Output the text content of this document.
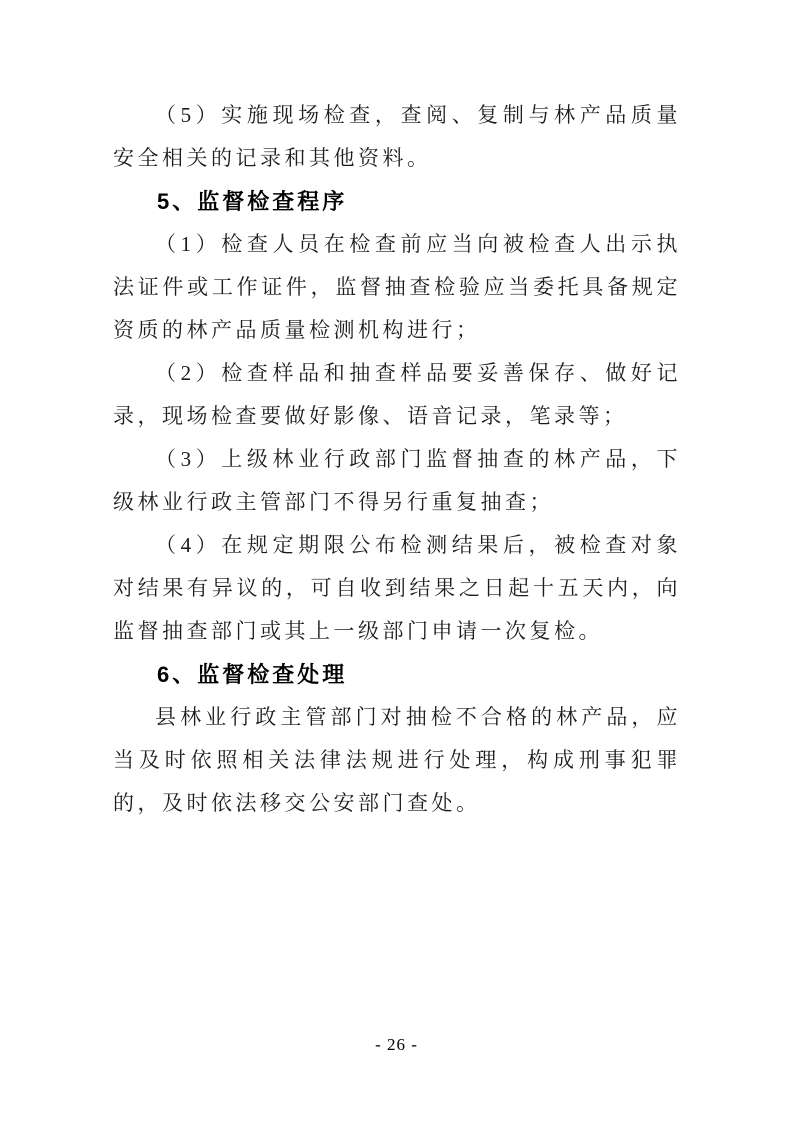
（5）实施现场检查，查阅、复制与林产品质量安全相关的记录和其他资料。

5、监督检查程序

（1）检查人员在检查前应当向被检查人出示执法证件或工作证件，监督抽查检验应当委托具备规定资质的林产品质量检测机构进行；

（2）检查样品和抽查样品要妥善保存、做好记录，现场检查要做好影像、语音记录，笔录等；

（3）上级林业行政部门监督抽查的林产品，下级林业行政主管部门不得另行重复抽查；

（4）在规定期限公布检测结果后，被检查对象对结果有异议的，可自收到结果之日起十五天内，向监督抽查部门或其上一级部门申请一次复检。

6、监督检查处理

县林业行政主管部门对抽检不合格的林产品，应当及时依照相关法律法规进行处理，构成刑事犯罪的，及时依法移交公安部门查处。

- 26 -
